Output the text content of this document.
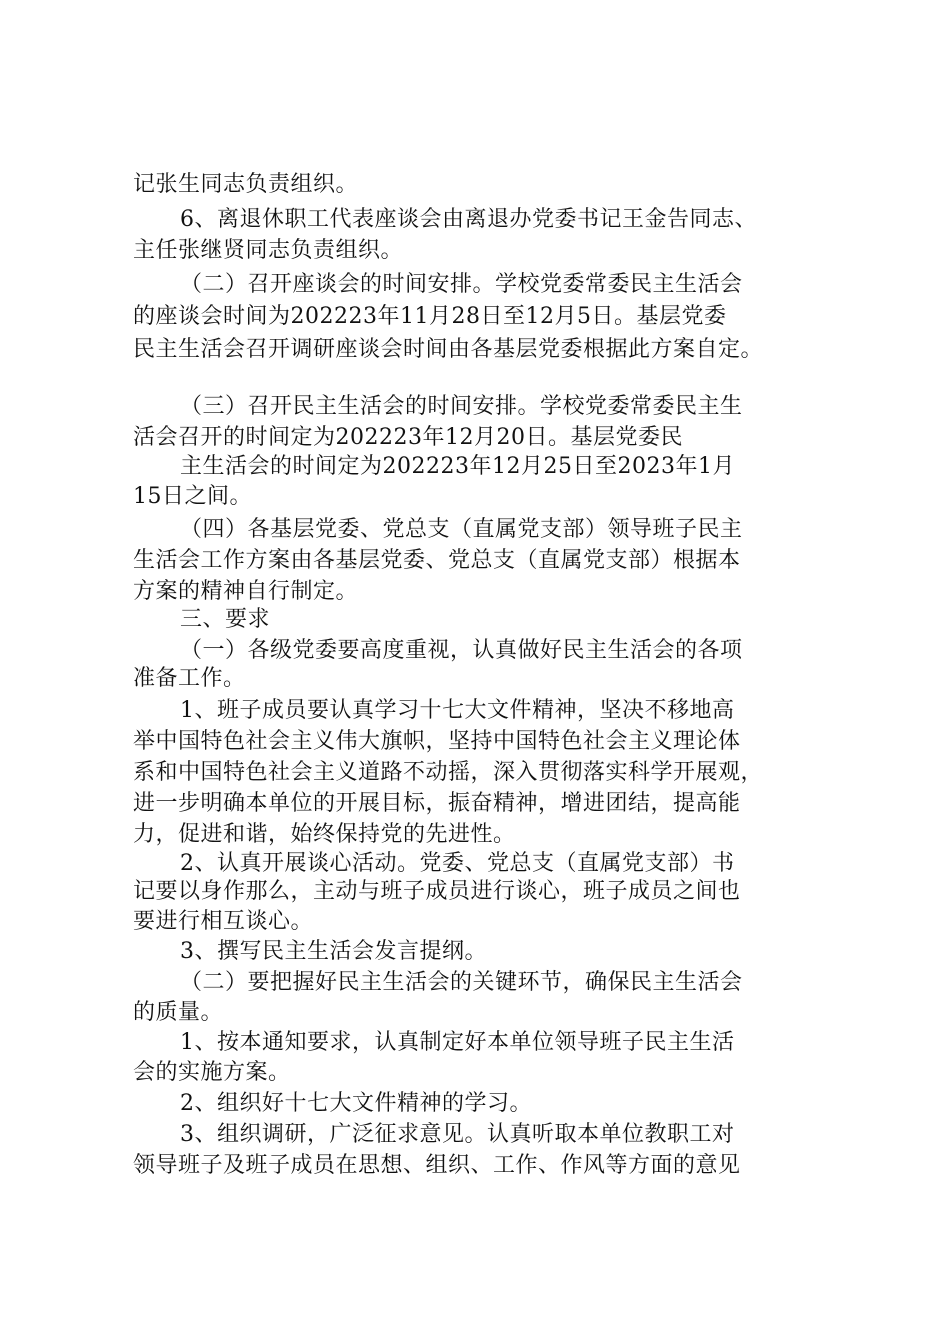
记张生同志负责组织。
6、离退休职工代表座谈会由离退办党委书记王金告同志、
主任张继贤同志负责组织。
（二）召开座谈会的时间安排。学校党委常委民主生活会
的座谈会时间为202223年11月28日至12月5日。基层党委
民主生活会召开调研座谈会时间由各基层党委根据此方案自定。
（三）召开民主生活会的时间安排。学校党委常委民主生
活会召开的时间定为202223年12月20日。基层党委民
主生活会的时间定为202223年12月25日至2023年1月
15日之间。
（四）各基层党委、党总支（直属党支部）领导班子民主
生活会工作方案由各基层党委、党总支（直属党支部）根据本
方案的精神自行制定。
三、要求
（一）各级党委要高度重视，认真做好民主生活会的各项
准备工作。
1、班子成员要认真学习十七大文件精神，坚决不移地高
举中国特色社会主义伟大旗帜，坚持中国特色社会主义理论体
系和中国特色社会主义道路不动摇，深入贯彻落实科学开展观，
进一步明确本单位的开展目标，振奋精神，增进团结，提高能
力，促进和谐，始终保持党的先进性。
2、认真开展谈心活动。党委、党总支（直属党支部）书
记要以身作那么，主动与班子成员进行谈心，班子成员之间也
要进行相互谈心。
3、撰写民主生活会发言提纲。
（二）要把握好民主生活会的关键环节，确保民主生活会
的质量。
1、按本通知要求，认真制定好本单位领导班子民主生活
会的实施方案。
2、组织好十七大文件精神的学习。
3、组织调研，广泛征求意见。认真听取本单位教职工对
领导班子及班子成员在思想、组织、工作、作风等方面的意见
